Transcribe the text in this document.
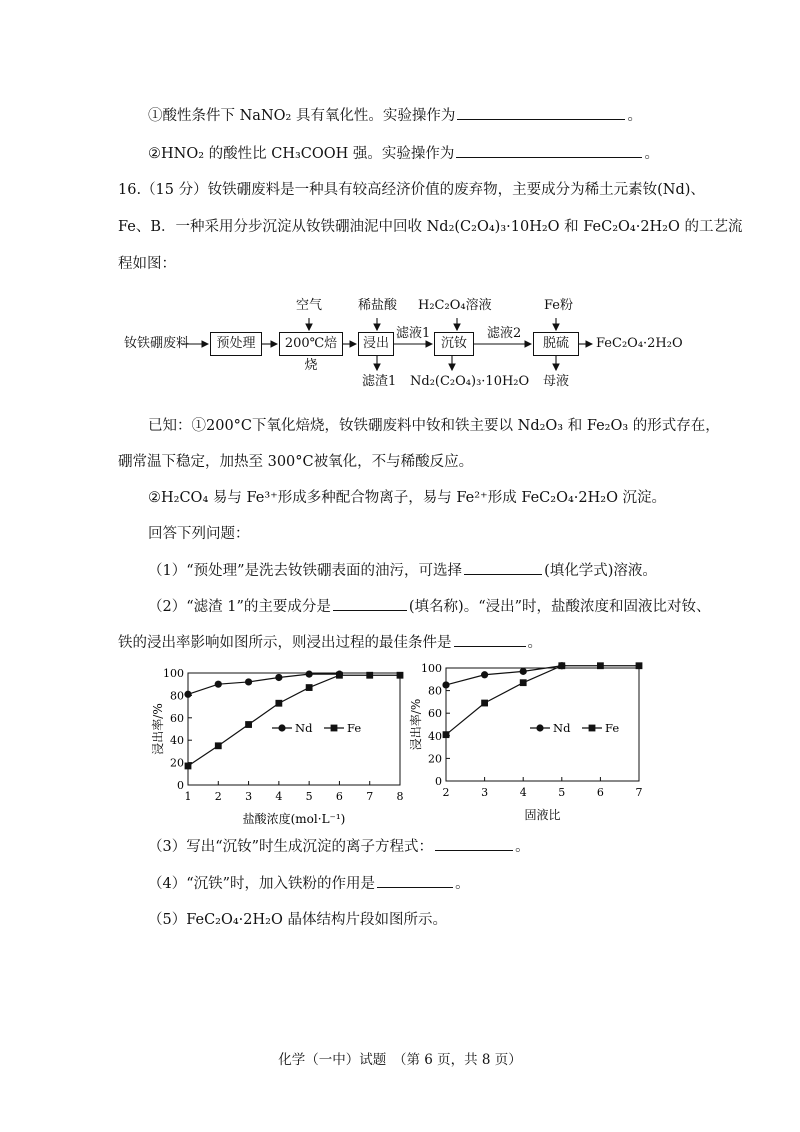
①酸性条件下 NaNO₂ 具有氧化性。实验操作为	。
②HNO₂ 的酸性比 CH₃COOH 强。实验操作为	。
16.（15 分）钕铁硼废料是一种具有较高经济价值的废弃物，主要成分为稀土元素钕(Nd)、
Fe、B．一种采用分步沉淀从钕铁硼油泥中回收 Nd₂(C₂O₄)₃·10H₂O 和 FeC₂O₄·2H₂O 的工艺流
程如图：
钕铁硼废料	预处理	200℃焙烧
浸出	沉钕	脱硫	FeC₂O₄·2H₂O
空气	稀盐酸 H₂C₂O₄溶液	Fe粉
滤液1	滤液2
滤渣1 Nd₂(C₂O₄)₃·10H₂O 母液
已知：①200°C下氧化焙烧，钕铁硼废料中钕和铁主要以 Nd₂O₃ 和 Fe₂O₃ 的形式存在，
硼常温下稳定，加热至 300°C被氧化，不与稀酸反应。
②H₂CO₄ 易与 Fe³⁺形成多种配合物离子，易与 Fe²⁺形成 FeC₂O₄·2H₂O 沉淀。
回答下列问题：
（1）“预处理”是洗去钕铁硼表面的油污，可选择	(填化学式)溶液。
（2）“滤渣 1”的主要成分是	(填名称)。“浸出”时，盐酸浓度和固液比对钕、
铁的浸出率影响如图所示，则浸出过程的最佳条件是	。
0
20
40
60
80
100
1 2 3 4 5 6 7 8
盐酸浓度(mol·L⁻¹)
浸出率/%	Nd	Fe
0
20
40
60
80
100
2	3	4	5	6	7
固液比
浸出率/%	Nd	Fe
（3）写出“沉钕”时生成沉淀的离子方程式：	。
（4）“沉铁”时，加入铁粉的作用是	。
（5）FeC₂O₄·2H₂O 晶体结构片段如图所示。
化学（一中）试题　（第 6 页，共 8 页）
